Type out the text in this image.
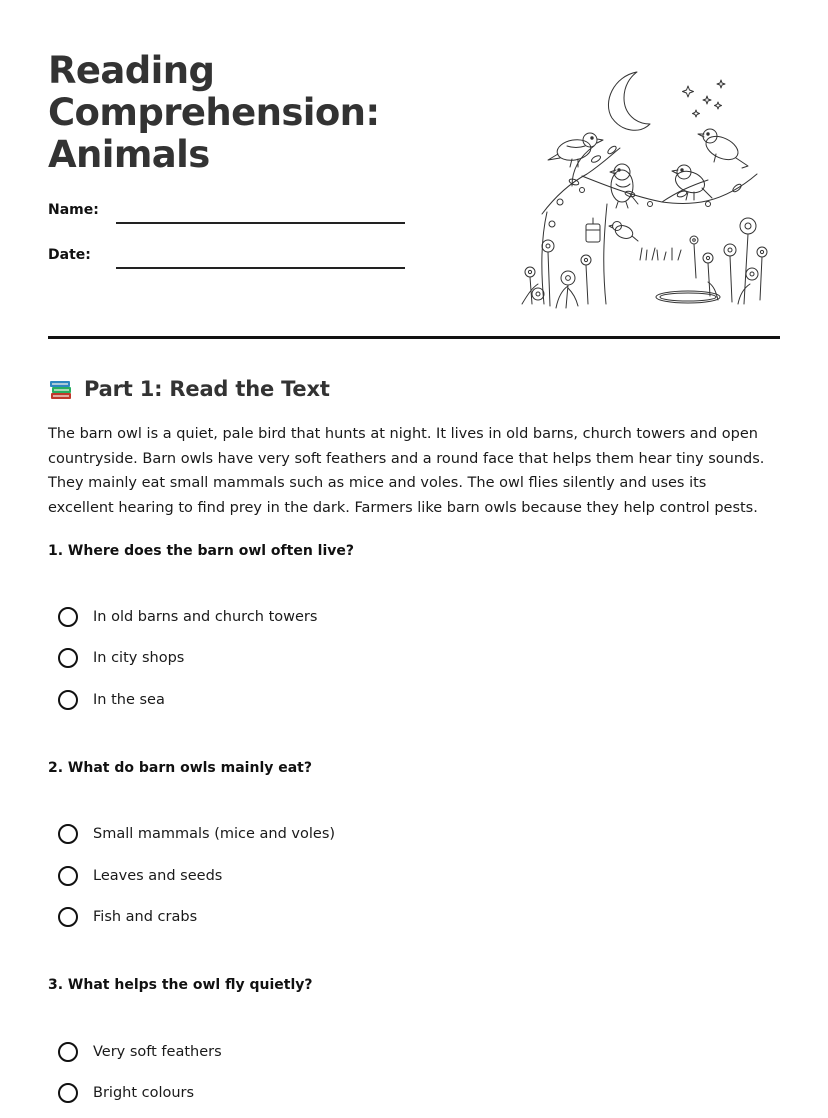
Reading
Comprehension:
Animals
Name:
Date:
Part 1: Read the Text

The barn owl is a quiet, pale bird that hunts at night. It lives in old barns, church towers and open countryside. Barn owls have very soft feathers and a round face that helps them hear tiny sounds. They mainly eat small mammals such as mice and voles. The owl flies silently and uses its excellent hearing to find prey in the dark. Farmers like barn owls because they help control pests.

1. Where does the barn owl often live?
In old barns and church towers
In city shops
In the sea
2. What do barn owls mainly eat?
Small mammals (mice and voles)
Leaves and seeds
Fish and crabs
3. What helps the owl fly quietly?
Very soft feathers
Bright colours
